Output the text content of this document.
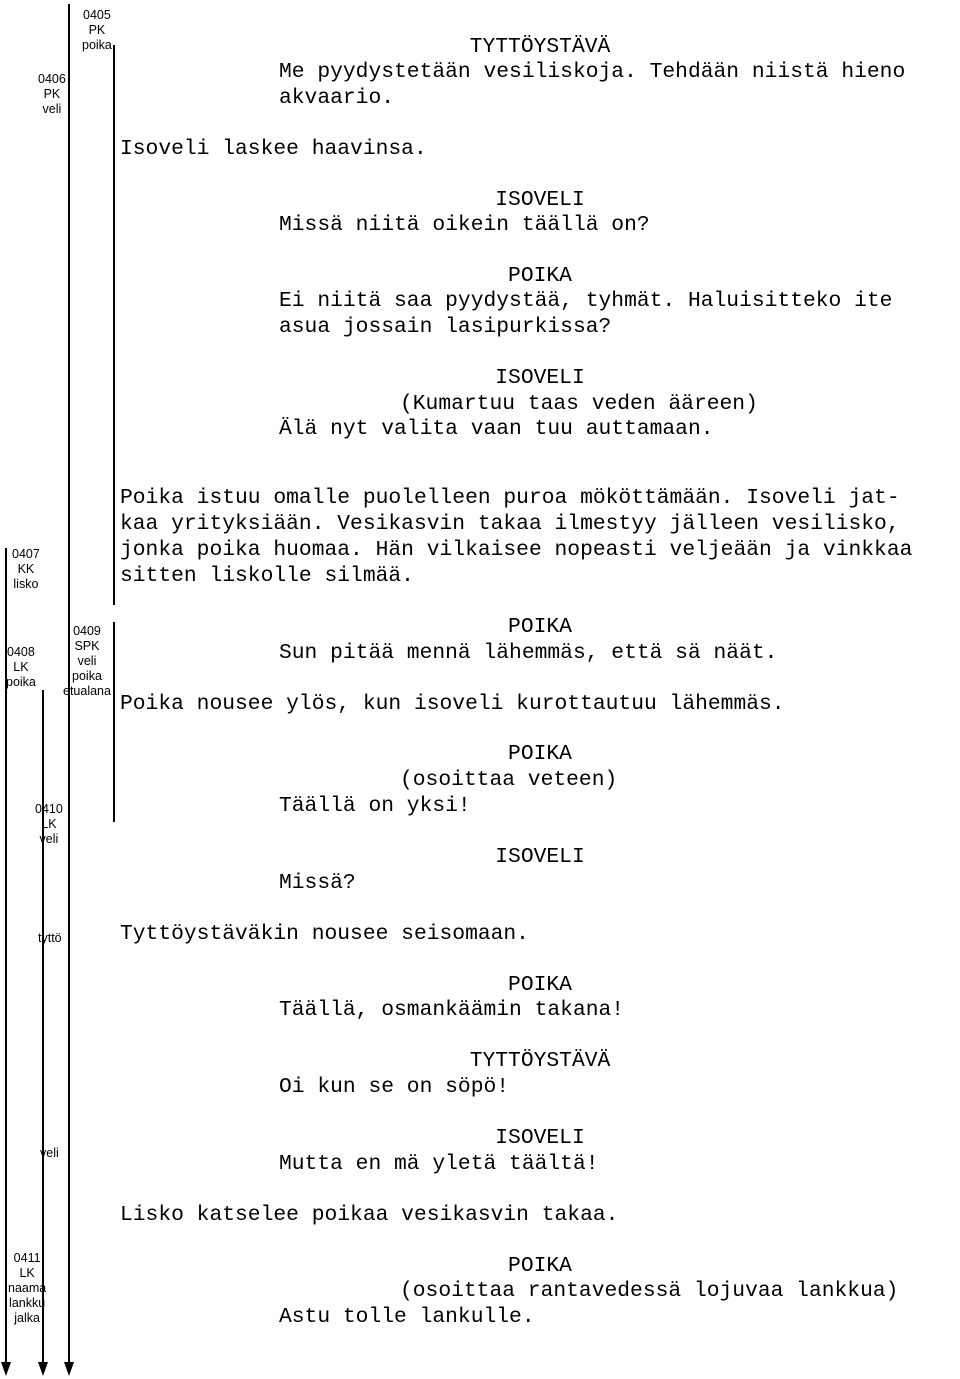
0405
PK
poika
0406
PK
veli
0407
KK
lisko
0408
LK
poika
0409
SPK
veli
poika
etualana
0410
LK
veli
tyttö
veli
0411
LK
naama
lankku
jalka
TYTTÖYSTÄVÄ
Me pyydystetään vesiliskoja. Tehdään niistä hieno
akvaario.
Isoveli laskee haavinsa.
ISOVELI
Missä niitä oikein täällä on?
POIKA
Ei niitä saa pyydystää, tyhmät. Haluisitteko ite
asua jossain lasipurkissa?
ISOVELI
(Kumartuu taas veden ääreen)
Älä nyt valita vaan tuu auttamaan.
Poika istuu omalle puolelleen puroa mököttämään. Isoveli jat-
kaa yrityksiään. Vesikasvin takaa ilmestyy jälleen vesilisko,
jonka poika huomaa. Hän vilkaisee nopeasti veljeään ja vinkkaa
sitten liskolle silmää.
POIKA
Sun pitää mennä lähemmäs, että sä näät.
Poika nousee ylös, kun isoveli kurottautuu lähemmäs.
POIKA
(osoittaa veteen)
Täällä on yksi!
ISOVELI
Missä?
Tyttöystäväkin nousee seisomaan.
POIKA
Täällä, osmankäämin takana!
TYTTÖYSTÄVÄ
Oi kun se on söpö!
ISOVELI
Mutta en mä yletä täältä!
Lisko katselee poikaa vesikasvin takaa.
POIKA
(osoittaa rantavedessä lojuvaa lankkua)
Astu tolle lankulle.
